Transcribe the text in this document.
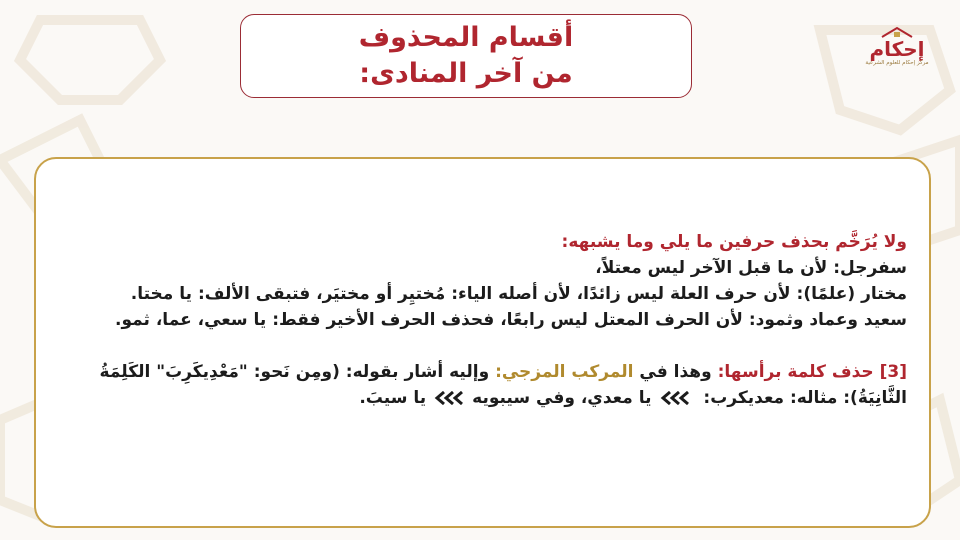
أقسام المحذوف
من آخر المنادى:
إحكام
مركز إحكام للعلوم الشرعية

ولا يُرَخَّم بحذف حرفين ما يلي وما يشبهه:

سفرجل: لأن ما قبل الآخر ليس معتلاً،

مختار (علمًا): لأن حرف العلة ليس زائدًا، لأن أصله الياء: مُختيِر أو مختيَر، فتبقى الألف: يا مختا.

سعيد وعماد وثمود: لأن الحرف المعتل ليس رابعًا، فحذف الحرف الأخير فقط: يا سعي، عما، ثمو.

[3] حذف كلمة برأسها: وهذا في المركب المزجي: وإليه أشار بقوله: (ومِن نَحو: "مَعْدِيكَرِبَ" الكَلِمَةُ الثَّانِيَةُ): مثاله: معديكرب: يا معدي، وفي سيبويهيا سيبَ.
